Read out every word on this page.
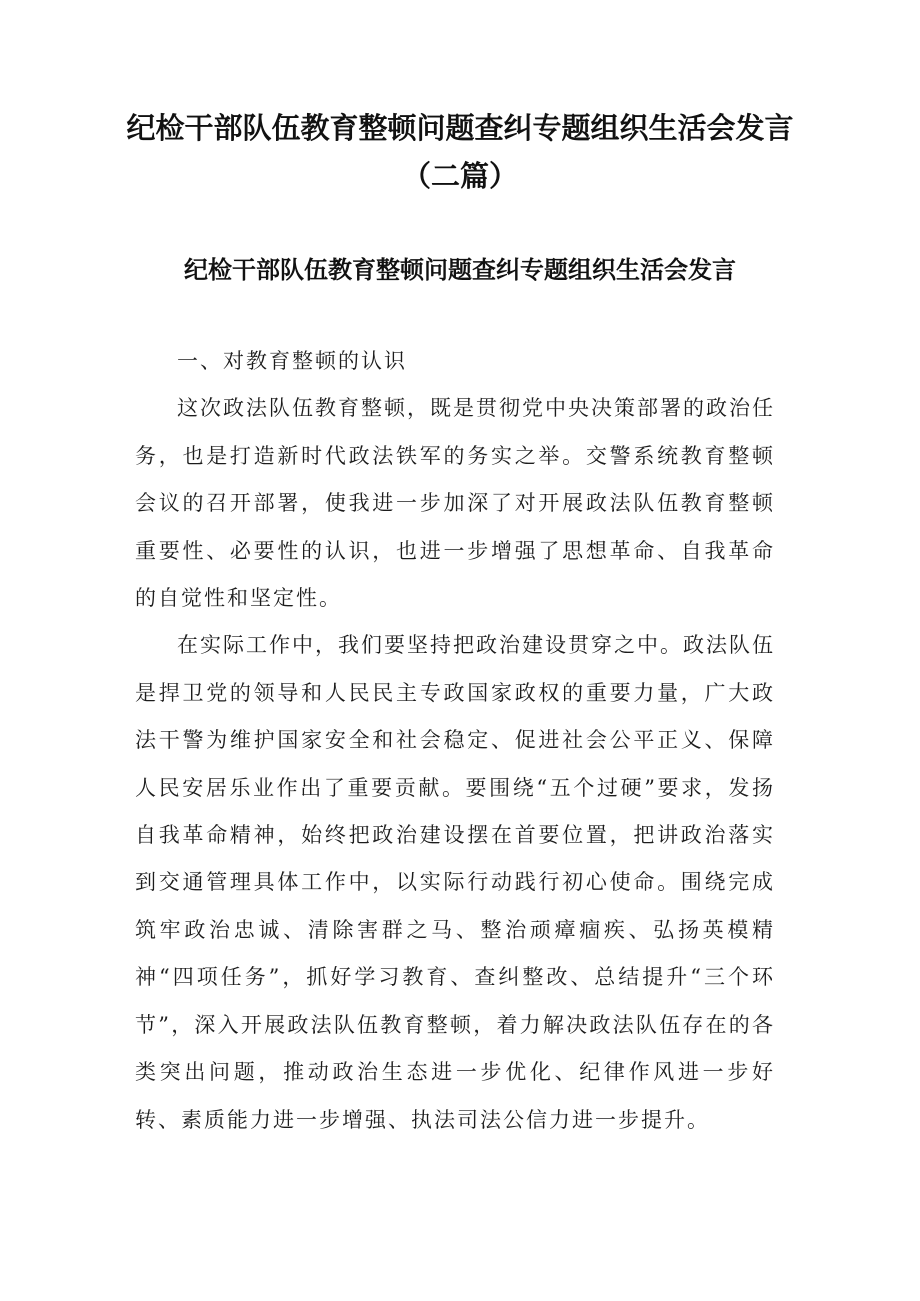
纪检干部队伍教育整顿问题查纠专题组织生活会发言
（二篇）
纪检干部队伍教育整顿问题查纠专题组织生活会发言

一、对教育整顿的认识

这次政法队伍教育整顿，既是贯彻党中央决策部署的政治任务，也是打造新时代政法铁军的务实之举。交警系统教育整顿会议的召开部署，使我进一步加深了对开展政法队伍教育整顿重要性、必要性的认识，也进一步增强了思想革命、自我革命的自觉性和坚定性。

在实际工作中，我们要坚持把政治建设贯穿之中。政法队伍是捍卫党的领导和人民民主专政国家政权的重要力量，广大政法干警为维护国家安全和社会稳定、促进社会公平正义、保障人民安居乐业作出了重要贡献。要围绕“五个过硬”要求，发扬自我革命精神，始终把政治建设摆在首要位置，把讲政治落实到交通管理具体工作中，以实际行动践行初心使命。围绕完成筑牢政治忠诚、清除害群之马、整治顽瘴痼疾、弘扬英模精神“四项任务”，抓好学习教育、查纠整改、总结提升“三个环节”，深入开展政法队伍教育整顿，着力解决政法队伍存在的各类突出问题，推动政治生态进一步优化、纪律作风进一步好转、素质能力进一步增强、执法司法公信力进一步提升。
